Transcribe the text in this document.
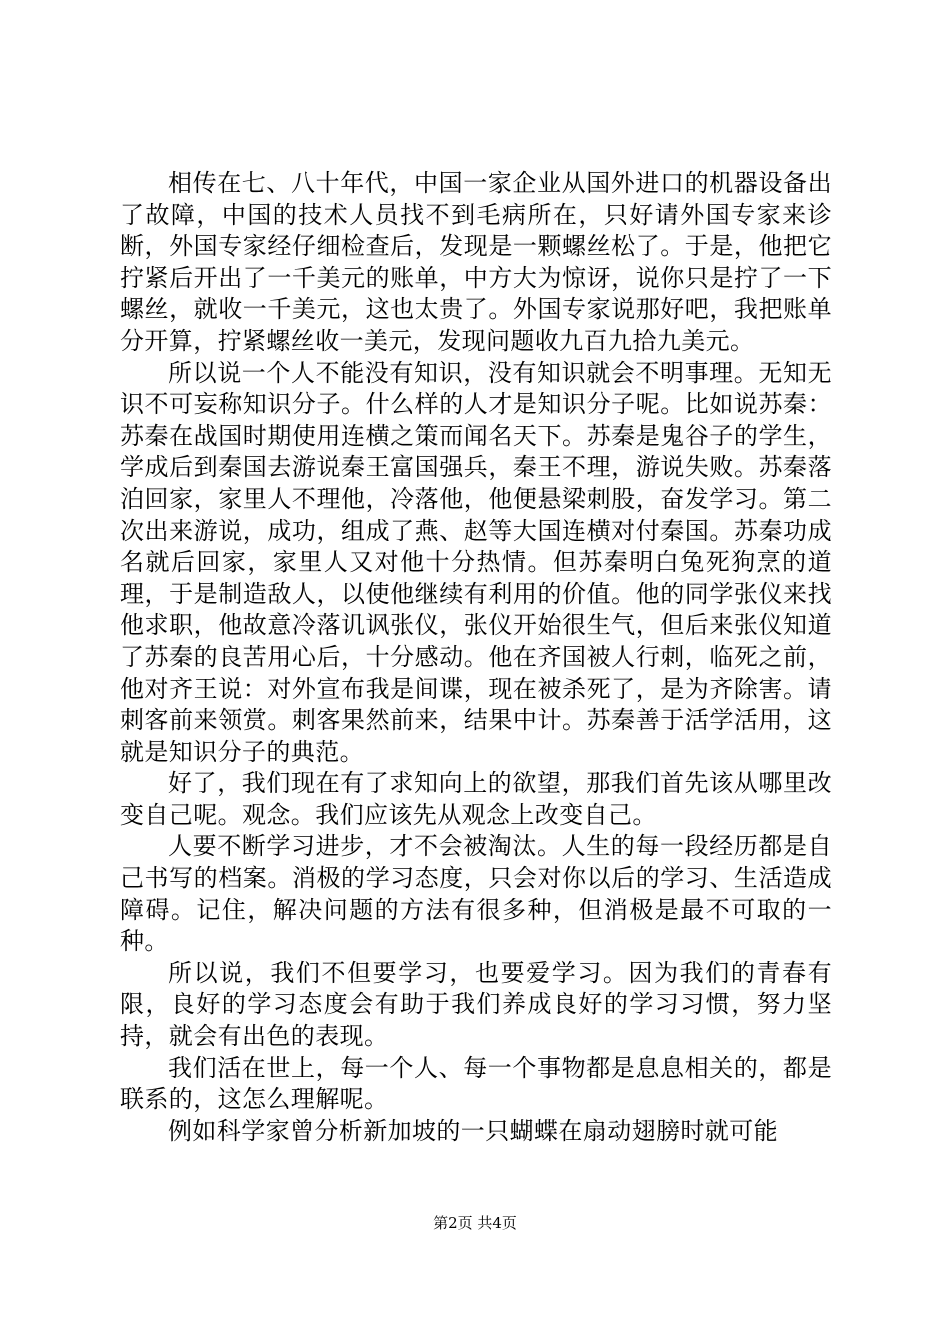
相传在七、八十年代，中国一家企业从国外进口的机器设备出了故障，中国的技术人员找不到毛病所在，只好请外国专家来诊断，外国专家经仔细检查后，发现是一颗螺丝松了。于是，他把它拧紧后开出了一千美元的账单，中方大为惊讶，说你只是拧了一下螺丝，就收一千美元，这也太贵了。外国专家说那好吧，我把账单分开算，拧紧螺丝收一美元，发现问题收九百九拾九美元。

所以说一个人不能没有知识，没有知识就会不明事理。无知无识不可妄称知识分子。什么样的人才是知识分子呢。比如说苏秦：苏秦在战国时期使用连横之策而闻名天下。苏秦是鬼谷子的学生，学成后到秦国去游说秦王富国强兵，秦王不理，游说失败。苏秦落泊回家，家里人不理他，冷落他，他便悬梁刺股，奋发学习。第二次出来游说，成功，组成了燕、赵等大国连横对付秦国。苏秦功成名就后回家，家里人又对他十分热情。但苏秦明白兔死狗烹的道理，于是制造敌人，以使他继续有利用的价值。他的同学张仪来找他求职，他故意冷落讥讽张仪，张仪开始很生气，但后来张仪知道了苏秦的良苦用心后，十分感动。他在齐国被人行刺，临死之前，他对齐王说：对外宣布我是间谍，现在被杀死了，是为齐除害。请刺客前来领赏。刺客果然前来，结果中计。苏秦善于活学活用，这就是知识分子的典范。

好了，我们现在有了求知向上的欲望，那我们首先该从哪里改变自己呢。观念。我们应该先从观念上改变自己。

人要不断学习进步，才不会被淘汰。人生的每一段经历都是自己书写的档案。消极的学习态度，只会对你以后的学习、生活造成障碍。记住，解决问题的方法有很多种，但消极是最不可取的一种。

所以说，我们不但要学习，也要爱学习。因为我们的青春有限，良好的学习态度会有助于我们养成良好的学习习惯，努力坚持，就会有出色的表现。

我们活在世上，每一个人、每一个事物都是息息相关的，都是联系的，这怎么理解呢。

例如科学家曾分析新加坡的一只蝴蝶在扇动翅膀时就可能

第2页 共4页
